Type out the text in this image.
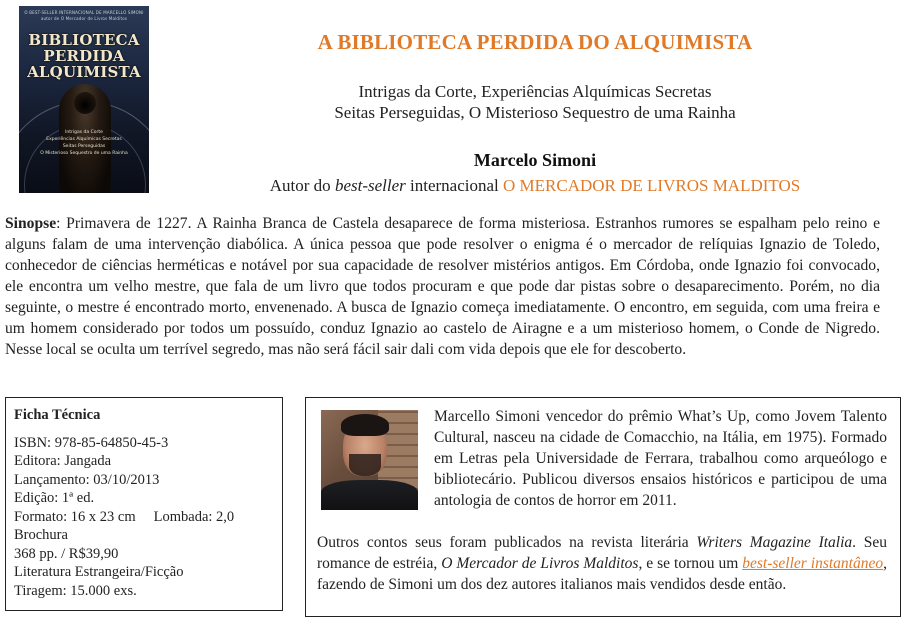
O BEST-SELLER INTERNACIONAL DE MARCELLO SIMONI
autor de O Mercador de Livros Malditos
BIBLIOTECA
PERDIDA
ALQUIMISTA
Intrigas da Corte
Experiências Alquímicas Secretas
Seitas Perseguidas
O Misterioso Sequestro de uma Rainha
A BIBLIOTECA PERDIDA DO ALQUIMISTA
Intrigas da Corte, Experiências Alquímicas Secretas
Seitas Perseguidas, O Misterioso Sequestro de uma Rainha
Marcelo Simoni
Autor do best-seller internacional O MERCADOR DE LIVROS MALDITOS

Sinopse: Primavera de 1227. A Rainha Branca de Castela desaparece de forma misteriosa. Estranhos rumores se espalham pelo reino e alguns falam de uma intervenção diabólica. A única pessoa que pode resolver o enigma é o mercador de relíquias Ignazio de Toledo, conhecedor de ciências herméticas e notável por sua capacidade de resolver mistérios antigos. Em Córdoba, onde Ignazio foi convocado, ele encontra um velho mestre, que fala de um livro que todos procuram e que pode dar pistas sobre o desaparecimento. Porém, no dia seguinte, o mestre é encontrado morto, envenenado. A busca de Ignazio começa imediatamente. O encontro, em seguida, com uma freira e um homem considerado por todos um possuído, conduz Ignazio ao castelo de Airagne e a um misterioso homem, o Conde de Nigredo. Nesse local se oculta um terrível segredo, mas não será fácil sair dali com vida depois que ele for descoberto.

Ficha Técnica
ISBN: 978-85-64850-45-3
Editora: Jangada
Lançamento: 03/10/2013
Edição: 1ª ed.
Formato: 16 x 23 cm Lombada: 2,0
Brochura
368 pp. / R$39,90
Literatura Estrangeira/Ficção
Tiragem: 15.000 exs.

Marcello Simoni vencedor do prêmio What’s Up, como Jovem Talento Cultural, nasceu na cidade de Comacchio, na Itália, em 1975). Formado em Letras pela Universidade de Ferrara, trabalhou como arqueólogo e bibliotecário. Publicou diversos ensaios históricos e participou de uma antologia de contos de horror em 2011.

Outros contos seus foram publicados na revista literária Writers Magazine Italia. Seu romance de estréia, O Mercador de Livros Malditos, e se tornou um best-seller instantâneo, fazendo de Simoni um dos dez autores italianos mais vendidos desde então.
